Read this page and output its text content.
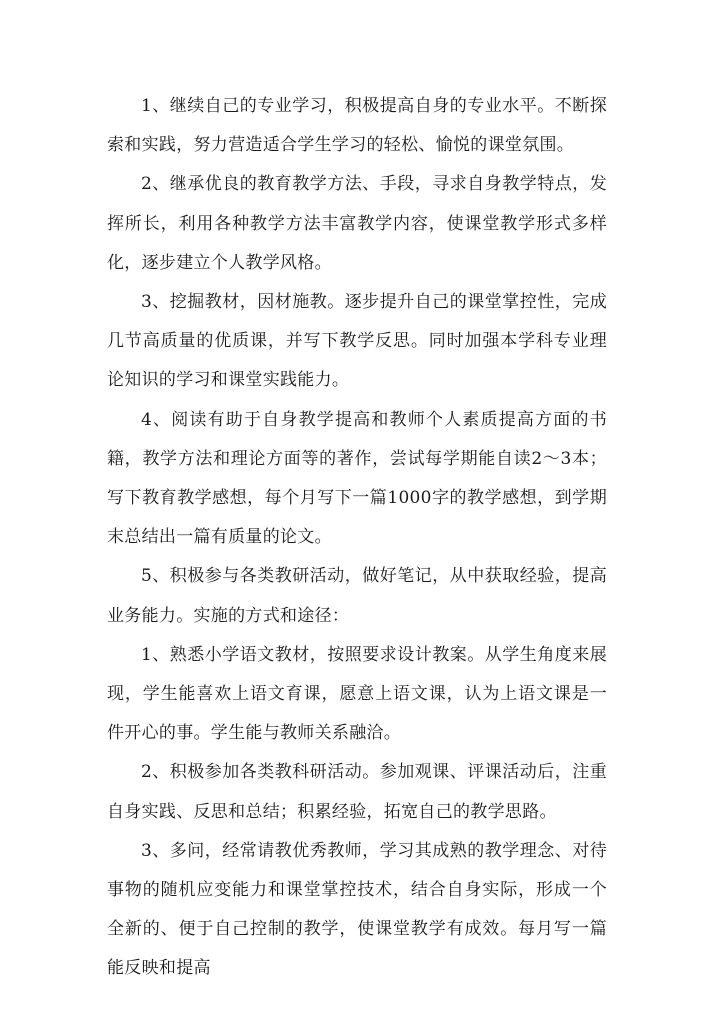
1、继续自己的专业学习，积极提高自身的专业水平。不断探索和实践，努力营造适合学生学习的轻松、愉悦的课堂氛围。

2、继承优良的教育教学方法、手段，寻求自身教学特点，发挥所长，利用各种教学方法丰富教学内容，使课堂教学形式多样化，逐步建立个人教学风格。

3、挖掘教材，因材施教。逐步提升自己的课堂掌控性，完成几节高质量的优质课，并写下教学反思。同时加强本学科专业理论知识的学习和课堂实践能力。

4、阅读有助于自身教学提高和教师个人素质提高方面的书籍，教学方法和理论方面等的著作，尝试每学期能自读2～3本；写下教育教学感想，每个月写下一篇1000字的教学感想，到学期末总结出一篇有质量的论文。

5、积极参与各类教研活动，做好笔记，从中获取经验，提高业务能力。实施的方式和途径：

1、熟悉小学语文教材，按照要求设计教案。从学生角度来展现，学生能喜欢上语文育课，愿意上语文课，认为上语文课是一件开心的事。学生能与教师关系融洽。

2、积极参加各类教科研活动。参加观课、评课活动后，注重自身实践、反思和总结；积累经验，拓宽自己的教学思路。

3、多问，经常请教优秀教师，学习其成熟的教学理念、对待事物的随机应变能力和课堂掌控技术，结合自身实际，形成一个全新的、便于自己控制的教学，使课堂教学有成效。每月写一篇能反映和提高
